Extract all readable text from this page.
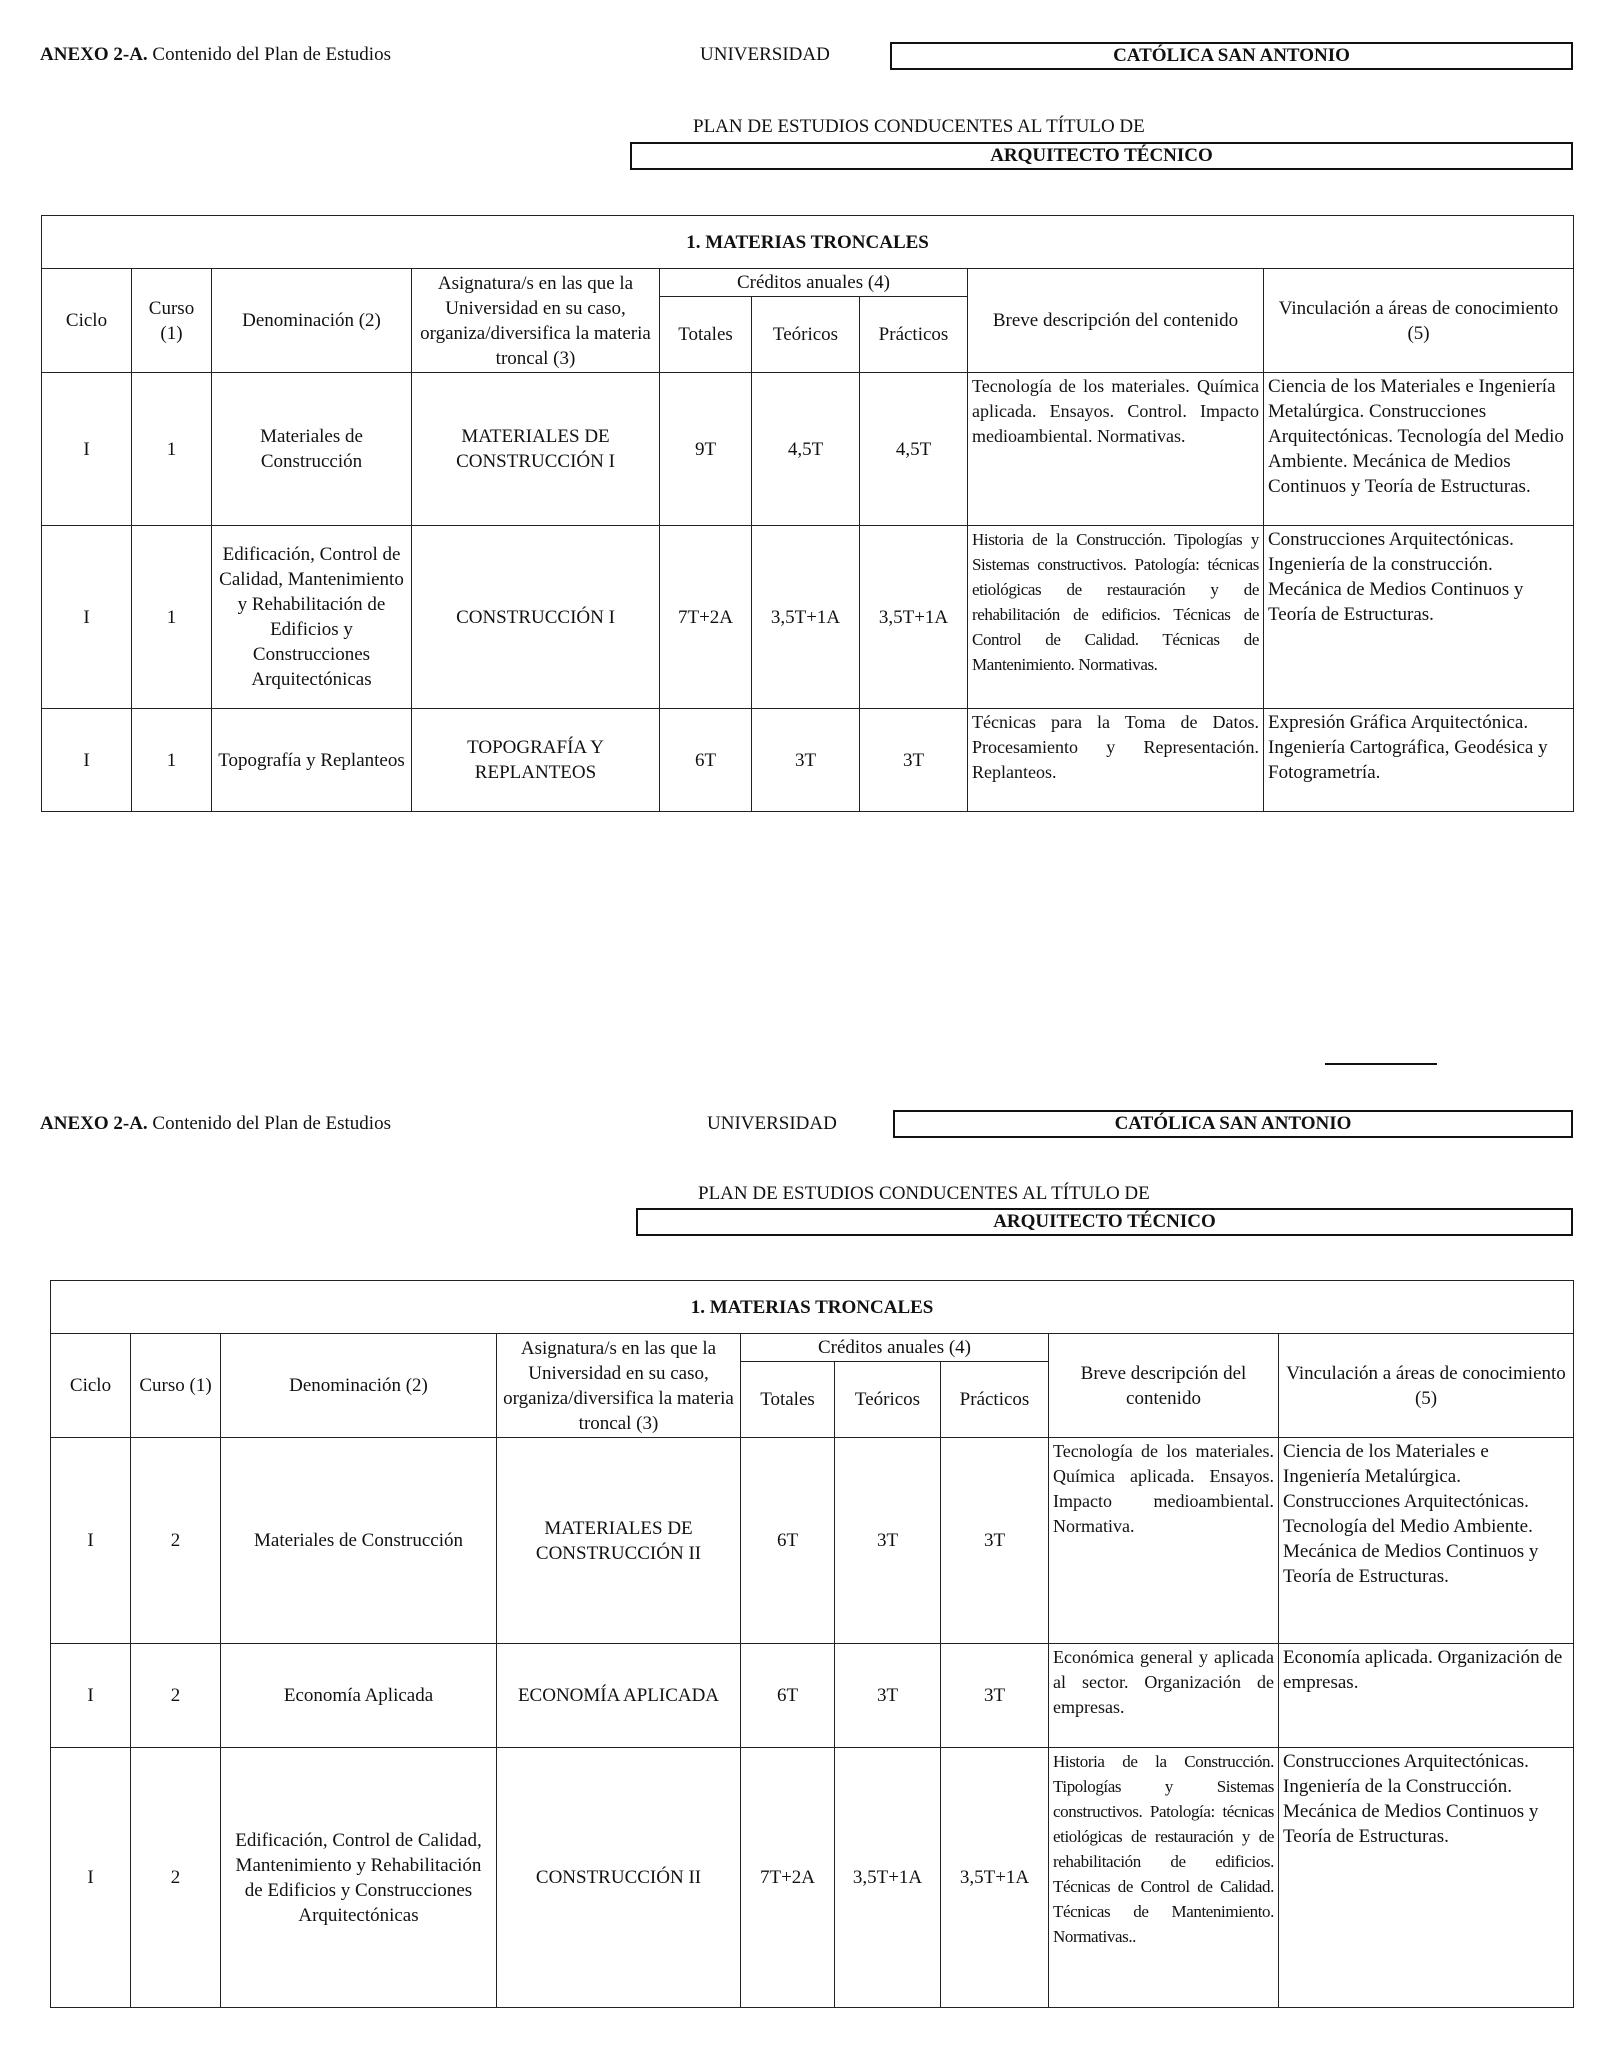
ANEXO 2-A. Contenido del Plan de Estudios	UNIVERSIDAD	CATÓLICA SAN ANTONIO
PLAN DE ESTUDIOS CONDUCENTES AL TÍTULO DE
ARQUITECTO TÉCNICO
1. MATERIAS TRONCALES								
Ciclo	Curso (1)	Denominación (2)	Asignatura/s en las que la Universidad en su caso, organiza/diversifica la materia troncal (3)	Créditos anuales (4)			Breve descripción del contenido	Vinculación a áreas de conocimiento (5)
				Totales	Teóricos	Prácticos		
I	1	Materiales de Construcción	MATERIALES DE CONSTRUCCIÓN I	9T	4,5T	4,5T	Tecnología de los materiales. Química aplicada. Ensayos. Control. Impacto medioambiental. Normativas.	Ciencia de los Materiales e Ingeniería Metalúrgica. Construcciones Arquitectónicas. Tecnología del Medio Ambiente. Mecánica de Medios Continuos y Teoría de Estructuras.
I	1	Edificación, Control de Calidad, Mantenimiento y Rehabilitación de Edificios y Construcciones Arquitectónicas	CONSTRUCCIÓN I	7T+2A	3,5T+1A	3,5T+1A	Historia de la Construcción. Tipologías y Sistemas constructivos. Patología: técnicas etiológicas de restauración y de rehabilitación de edificios. Técnicas de Control de Calidad. Técnicas de Mantenimiento. Normativas.	Construcciones Arquitectónicas. Ingeniería de la construcción. Mecánica de Medios Continuos y Teoría de Estructuras.
I	1	Topografía y Replanteos	TOPOGRAFÍA Y REPLANTEOS	6T	3T	3T	Técnicas para la Toma de Datos. Procesamiento y Representación. Replanteos.	Expresión Gráfica Arquitectónica. Ingeniería Cartográfica, Geodésica y Fotogrametría.
ANEXO 2-A. Contenido del Plan de Estudios	UNIVERSIDAD	CATÓLICA SAN ANTONIO
PLAN DE ESTUDIOS CONDUCENTES AL TÍTULO DE
ARQUITECTO TÉCNICO
1. MATERIAS TRONCALES								
Ciclo	Curso (1)	Denominación (2)	Asignatura/s en las que la Universidad en su caso, organiza/diversifica la materia troncal (3)	Créditos anuales (4)			Breve descripción del contenido	Vinculación a áreas de conocimiento (5)
				Totales	Teóricos	Prácticos		
I	2	Materiales de Construcción	MATERIALES DE CONSTRUCCIÓN II	6T	3T	3T	Tecnología de los materiales. Química aplicada. Ensayos. Impacto medioambiental. Normativa.	Ciencia de los Materiales e Ingeniería Metalúrgica. Construcciones Arquitectónicas. Tecnología del Medio Ambiente. Mecánica de Medios Continuos y Teoría de Estructuras.
I	2	Economía Aplicada	ECONOMÍA APLICADA	6T	3T	3T	Económica general y aplicada al sector. Organización de empresas.	Economía aplicada. Organización de empresas.
I	2	Edificación, Control de Calidad, Mantenimiento y Rehabilitación de Edificios y Construcciones Arquitectónicas	CONSTRUCCIÓN II	7T+2A	3,5T+1A	3,5T+1A	Historia de la Construcción. Tipologías y Sistemas constructivos. Patología: técnicas etiológicas de restauración y de rehabilitación de edificios. Técnicas de Control de Calidad. Técnicas de Mantenimiento. Normativas..	Construcciones Arquitectónicas. Ingeniería de la Construcción. Mecánica de Medios Continuos y Teoría de Estructuras.
